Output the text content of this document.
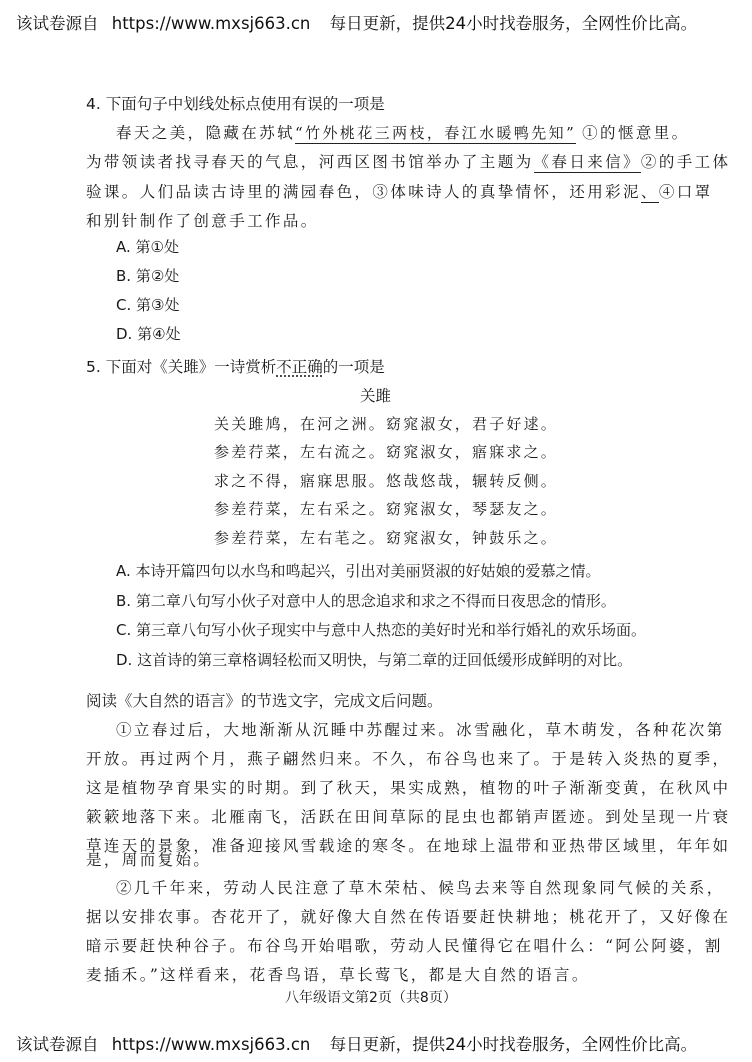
该试卷源自 https://www.mxsj663.cn 每日更新，提供24小时找卷服务，全网性价比高。
4. 下面句子中划线处标点使用有误的一项是
春天之美，隐藏在苏轼“竹外桃花三两枝，春江水暖鸭先知” ①的惬意里。
为带领读者找寻春天的气息，河西区图书馆举办了主题为《春日来信》②的手工体
验课。人们品读古诗里的满园春色，③体味诗人的真挚情怀，还用彩泥、④口罩
和别针制作了创意手工作品。
A. 第①处
B. 第②处
C. 第③处
D. 第④处
5. 下面对《关雎》一诗赏析不正确的一项是
关雎
关关雎鸠，在河之洲。窈窕淑女，君子好逑。
参差荇菜，左右流之。窈窕淑女，寤寐求之。
求之不得，寤寐思服。悠哉悠哉，辗转反侧。
参差荇菜，左右采之。窈窕淑女，琴瑟友之。
参差荇菜，左右芼之。窈窕淑女，钟鼓乐之。
A. 本诗开篇四句以水鸟和鸣起兴，引出对美丽贤淑的好姑娘的爱慕之情。
B. 第二章八句写小伙子对意中人的思念追求和求之不得而日夜思念的情形。
C. 第三章八句写小伙子现实中与意中人热恋的美好时光和举行婚礼的欢乐场面。
D. 这首诗的第三章格调轻松而又明快，与第二章的迂回低缓形成鲜明的对比。
阅读《大自然的语言》的节选文字，完成文后问题。
①立春过后，大地渐渐从沉睡中苏醒过来。冰雪融化，草木萌发，各种花次第
开放。再过两个月，燕子翩然归来。不久，布谷鸟也来了。于是转入炎热的夏季，
这是植物孕育果实的时期。到了秋天，果实成熟，植物的叶子渐渐变黄，在秋风中
簌簌地落下来。北雁南飞，活跃在田间草际的昆虫也都销声匿迹。到处呈现一片衰
草连天的景象，准备迎接风雪载途的寒冬。在地球上温带和亚热带区域里，年年如
是，周而复始。
②几千年来，劳动人民注意了草木荣枯、候鸟去来等自然现象同气候的关系，
据以安排农事。杏花开了，就好像大自然在传语要赶快耕地；桃花开了，又好像在
暗示要赶快种谷子。布谷鸟开始唱歌，劳动人民懂得它在唱什么：“阿公阿婆，割
麦插禾。”这样看来，花香鸟语，草长莺飞，都是大自然的语言。
八年级语文第2页（共8页）
该试卷源自 https://www.mxsj663.cn 每日更新，提供24小时找卷服务，全网性价比高。
